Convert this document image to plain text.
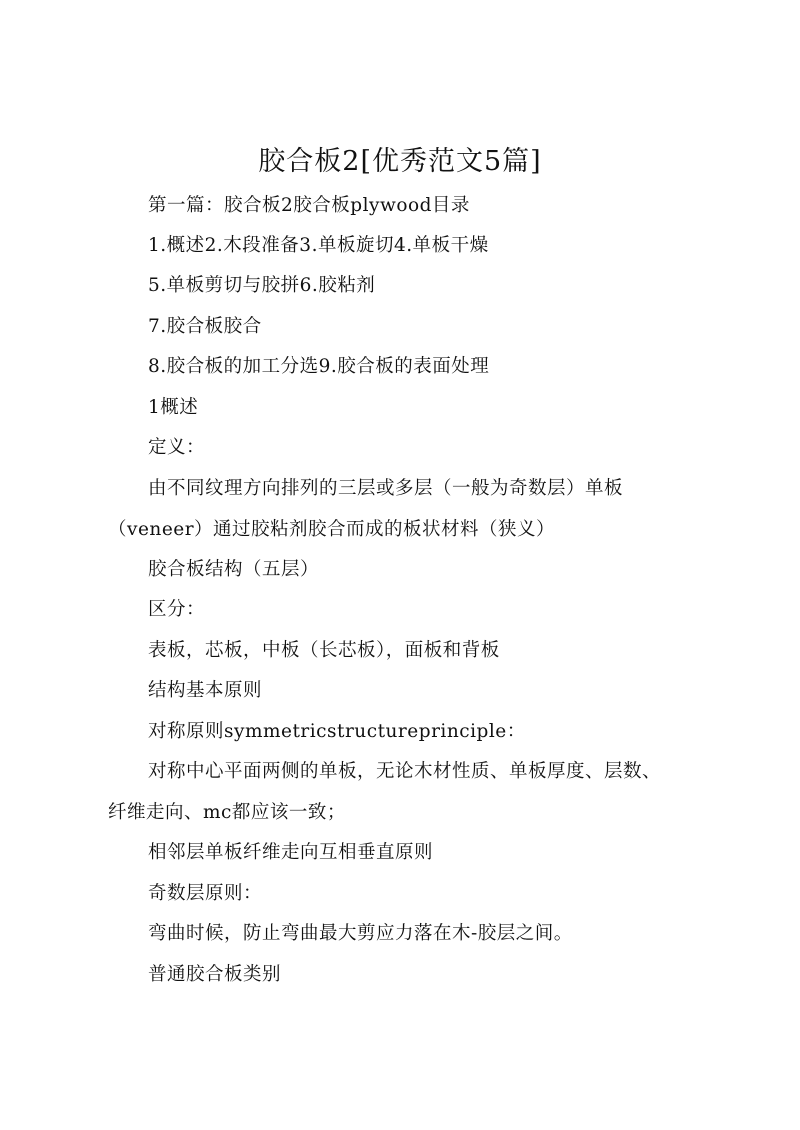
胶合板2[优秀范文5篇]
第一篇：胶合板2胶合板plywood目录
1.概述2.木段准备3.单板旋切4.单板干燥
5.单板剪切与胶拼6.胶粘剂
7.胶合板胶合
8.胶合板的加工分选9.胶合板的表面处理
1概述
定义：
由不同纹理方向排列的三层或多层（一般为奇数层）单板
（veneer）通过胶粘剂胶合而成的板状材料（狭义）
胶合板结构（五层）
区分：
表板，芯板，中板（长芯板），面板和背板
结构基本原则
对称原则symmetricstructureprinciple：
对称中心平面两侧的单板，无论木材性质、单板厚度、层数、
纤维走向、mc都应该一致；
相邻层单板纤维走向互相垂直原则
奇数层原则：
弯曲时候，防止弯曲最大剪应力落在木-胶层之间。
普通胶合板类别
